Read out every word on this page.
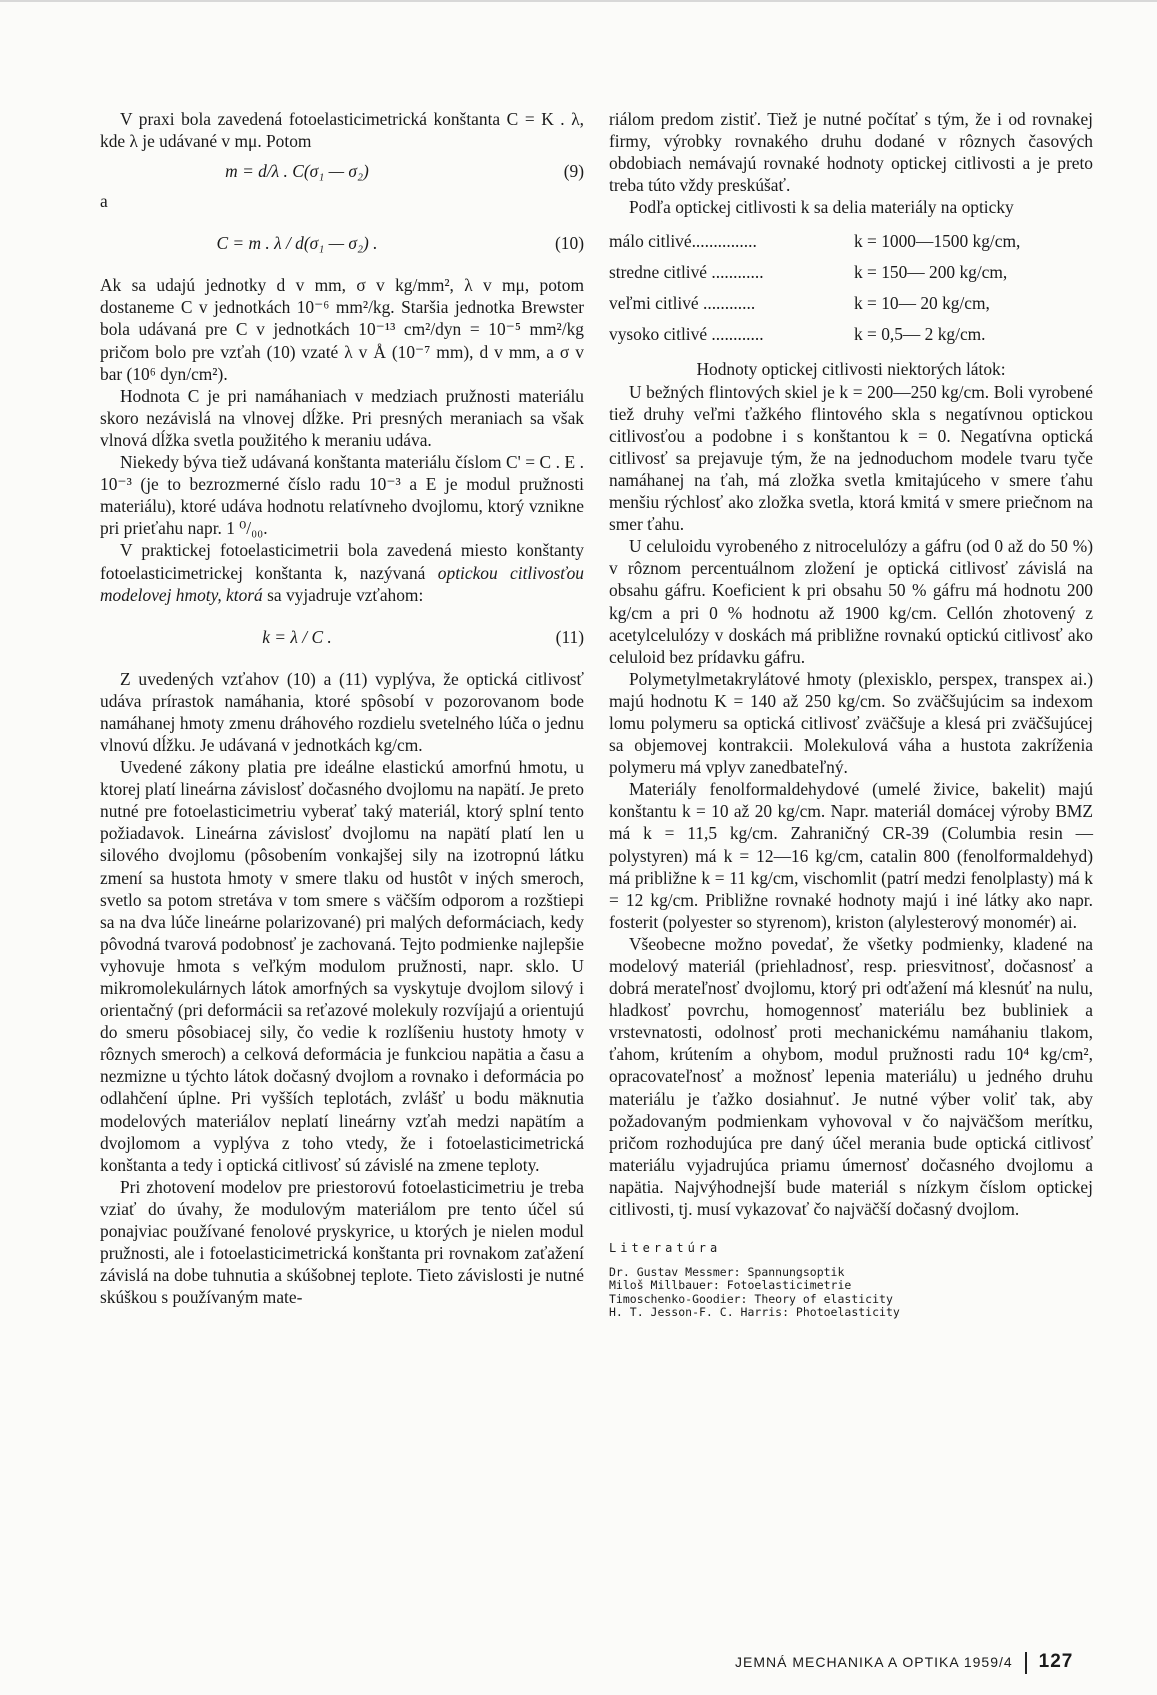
V praxi bola zavedená fotoelasticimetrická konštanta C = K . λ, kde λ je udávané v mμ. Potom

m = d/λ . C(σ₁ — σ₂)	(9)

a

C = m . λ / d(σ₁ — σ₂) .	(10)

Ak sa udajú jednotky d v mm, σ v kg/mm², λ v mμ, potom dostaneme C v jednotkách 10⁻⁶ mm²/kg. Staršia jednotka Brewster bola udávaná pre C v jednotkách 10⁻¹³ cm²/dyn = 10⁻⁵ mm²/kg pričom bolo pre vzťah (10) vzaté λ v Å (10⁻⁷ mm), d v mm, a σ v bar (10⁶ dyn/cm²).

Hodnota C je pri namáhaniach v medziach pružnosti materiálu skoro nezávislá na vlnovej dĺžke. Pri presných meraniach sa však vlnová dĺžka svetla použitého k meraniu udáva.

Niekedy býva tiež udávaná konštanta materiálu číslom C' = C . E . 10⁻³ (je to bezrozmerné číslo radu 10⁻³ a E je modul pružnosti materiálu), ktoré udáva hodnotu relatívneho dvojlomu, ktorý vznikne pri prieťahu napr. 1 ⁰/₀₀.

V praktickej fotoelasticimetrii bola zavedená miesto konštanty fotoelasticimetrickej konštanta k, nazývaná optickou citlivosťou modelovej hmoty, ktorá sa vyjadruje vzťahom:

k = λ / C .	(11)

Z uvedených vzťahov (10) a (11) vyplýva, že optická citlivosť udáva prírastok namáhania, ktoré spôsobí v pozorovanom bode namáhanej hmoty zmenu dráhového rozdielu svetelného lúča o jednu vlnovú dĺžku. Je udávaná v jednotkách kg/cm.

Uvedené zákony platia pre ideálne elastickú amorfnú hmotu, u ktorej platí lineárna závislosť dočasného dvojlomu na napätí. Je preto nutné pre fotoelasticimetriu vyberať taký materiál, ktorý splní tento požiadavok. Lineárna závislosť dvojlomu na napätí platí len u silového dvojlomu (pôsobením vonkajšej sily na izotropnú látku zmení sa hustota hmoty v smere tlaku od hustôt v iných smeroch, svetlo sa potom stretáva v tom smere s väčším odporom a rozštiepi sa na dva lúče lineárne polarizované) pri malých deformáciach, kedy pôvodná tvarová podobnosť je zachovaná. Tejto podmienke najlepšie vyhovuje hmota s veľkým modulom pružnosti, napr. sklo. U mikromolekulárnych látok amorfných sa vyskytuje dvojlom silový i orientačný (pri deformácii sa reťazové molekuly rozvíjajú a orientujú do smeru pôsobiacej sily, čo vedie k rozlíšeniu hustoty hmoty v rôznych smeroch) a celková deformácia je funkciou napätia a času a nezmizne u týchto látok dočasný dvojlom a rovnako i deformácia po odlahčení úplne. Pri vyšších teplotách, zvlášť u bodu mäknutia modelových materiálov neplatí lineárny vzťah medzi napätím a dvojlomom a vyplýva z toho vtedy, že i fotoelasticimetrická konštanta a tedy i optická citlivosť sú závislé na zmene teploty.

Pri zhotovení modelov pre priestorovú fotoelasticimetriu je treba vziať do úvahy, že modulovým materiálom pre tento účel sú ponajviac používané fenolové pryskyrice, u ktorých je nielen modul pružnosti, ale i fotoelasticimetrická konštanta pri rovnakom zaťažení závislá na dobe tuhnutia a skúšobnej teplote. Tieto závislosti je nutné skúškou s používaným mate-

riálom predom zistiť. Tiež je nutné počítať s tým, že i od rovnakej firmy, výrobky rovnakého druhu dodané v rôznych časových obdobiach nemávajú rovnaké hodnoty optickej citlivosti a je preto treba túto vždy preskúšať.

Podľa optickej citlivosti k sa delia materiály na opticky

málo citlivé...............	k = 1000—1500 kg/cm,
stredne citlivé ............	k = 150— 200 kg/cm,
veľmi citlivé ............	k = 10— 20 kg/cm,
vysoko citlivé ............	k = 0,5— 2 kg/cm.

Hodnoty optickej citlivosti niektorých látok:

U bežných flintových skiel je k = 200—250 kg/cm. Boli vyrobené tiež druhy veľmi ťažkého flintového skla s negatívnou optickou citlivosťou a podobne i s konštantou k = 0. Negatívna optická citlivosť sa prejavuje tým, že na jednoduchom modele tvaru tyče namáhanej na ťah, má zložka svetla kmitajúceho v smere ťahu menšiu rýchlosť ako zložka svetla, ktorá kmitá v smere priečnom na smer ťahu.

U celuloidu vyrobeného z nitrocelulózy a gáfru (od 0 až do 50 %) v rôznom percentuálnom zložení je optická citlivosť závislá na obsahu gáfru. Koeficient k pri obsahu 50 % gáfru má hodnotu 200 kg/cm a pri 0 % hodnotu až 1900 kg/cm. Cellón zhotovený z acetylcelulózy v doskách má približne rovnakú optickú citlivosť ako celuloid bez prídavku gáfru.

Polymetylmetakrylátové hmoty (plexisklo, perspex, transpex ai.) majú hodnotu K = 140 až 250 kg/cm. So zväčšujúcim sa indexom lomu polymeru sa optická citlivosť zväčšuje a klesá pri zväčšujúcej sa objemovej kontrakcii. Molekulová váha a hustota zakríženia polymeru má vplyv zanedbateľný.

Materiály fenolformaldehydové (umelé živice, bakelit) majú konštantu k = 10 až 20 kg/cm. Napr. materiál domácej výroby BMZ má k = 11,5 kg/cm. Zahraničný CR-39 (Columbia resin — polystyren) má k = 12—16 kg/cm, catalin 800 (fenolformaldehyd) má približne k = 11 kg/cm, vischomlit (patrí medzi fenolplasty) má k = 12 kg/cm. Približne rovnaké hodnoty majú i iné látky ako napr. fosterit (polyester so styrenom), kriston (alylesterový monomér) ai.

Všeobecne možno povedať, že všetky podmienky, kladené na modelový materiál (priehladnosť, resp. priesvitnosť, dočasnosť a dobrá merateľnosť dvojlomu, ktorý pri odťažení má klesnúť na nulu, hladkosť povrchu, homogennosť materiálu bez bubliniek a vrstevnatosti, odolnosť proti mechanickému namáhaniu tlakom, ťahom, krútením a ohybom, modul pružnosti radu 10⁴ kg/cm², opracovateľnosť a možnosť lepenia materiálu) u jedného druhu materiálu je ťažko dosiahnuť. Je nutné výber voliť tak, aby požadovaným podmienkam vyhovoval v čo najväčšom merítku, pričom rozhodujúca pre daný účel merania bude optická citlivosť materiálu vyjadrujúca priamu úmernosť dočasného dvojlomu a napätia. Najvýhodnejší bude materiál s nízkym číslom optickej citlivosti, tj. musí vykazovať čo najväčší dočasný dvojlom.

Literatúra
Dr. Gustav Messmer: Spannungsoptik
Miloš Millbauer: Fotoelasticimetrie
Timoschenko-Goodier: Theory of elasticity
H. T. Jesson-F. C. Harris: Photoelasticity
JEMNÁ MECHANIKA A OPTIKA 1959/4 127
